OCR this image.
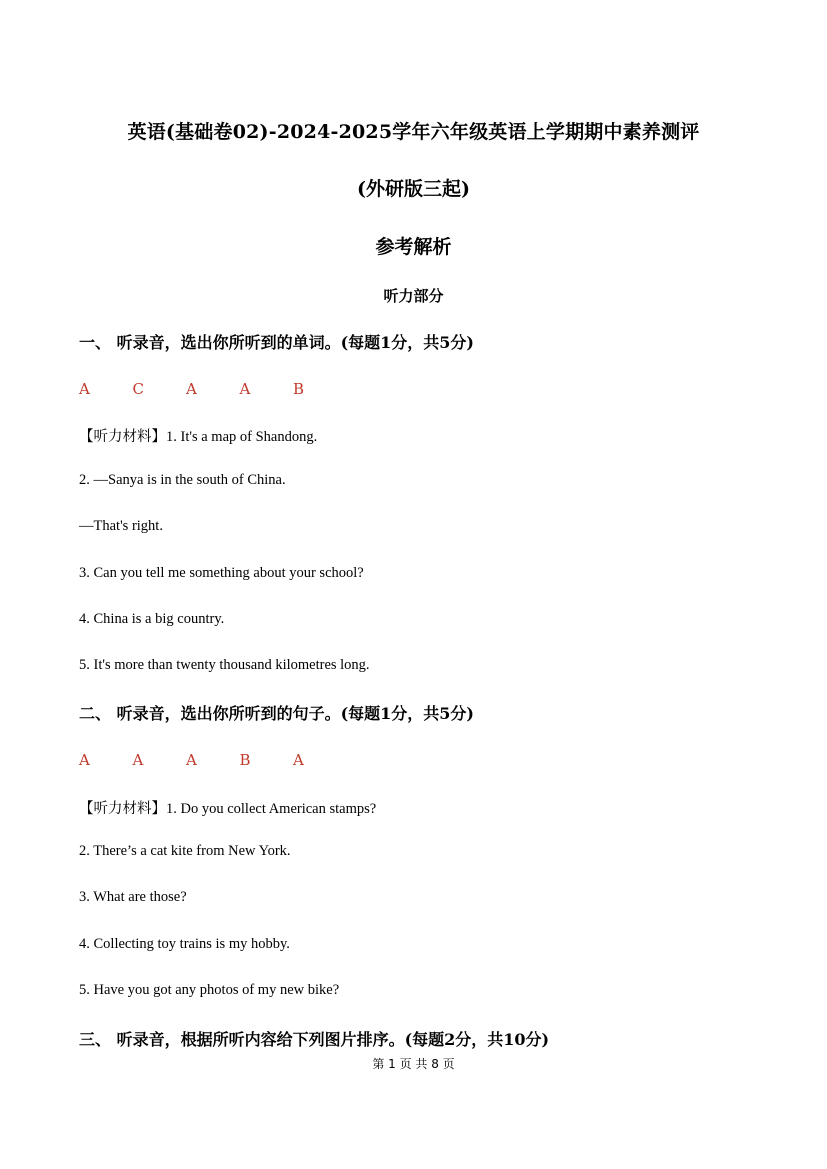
英语(基础卷02)-2024-2025学年六年级英语上学期期中素养测评
(外研版三起)
参考解析
听力部分
一、 听录音，选出你所听到的单词。(每题1分，共5分)
A	C	A	A	B
【听力材料】1. It's a map of Shandong.
2. —Sanya is in the south of China.
—That's right.
3. Can you tell me something about your school?
4. China is a big country.
5. It's more than twenty thousand kilometres long.
二、 听录音，选出你所听到的句子。(每题1分，共5分)
A	A	A	B	A
【听力材料】1. Do you collect American stamps?
2. There’s a cat kite from New York.
3. What are those?
4. Collecting toy trains is my hobby.
5. Have you got any photos of my new bike?
三、 听录音，根据所听内容给下列图片排序。(每题2分，共10分)
第 1 页 共 8 页
